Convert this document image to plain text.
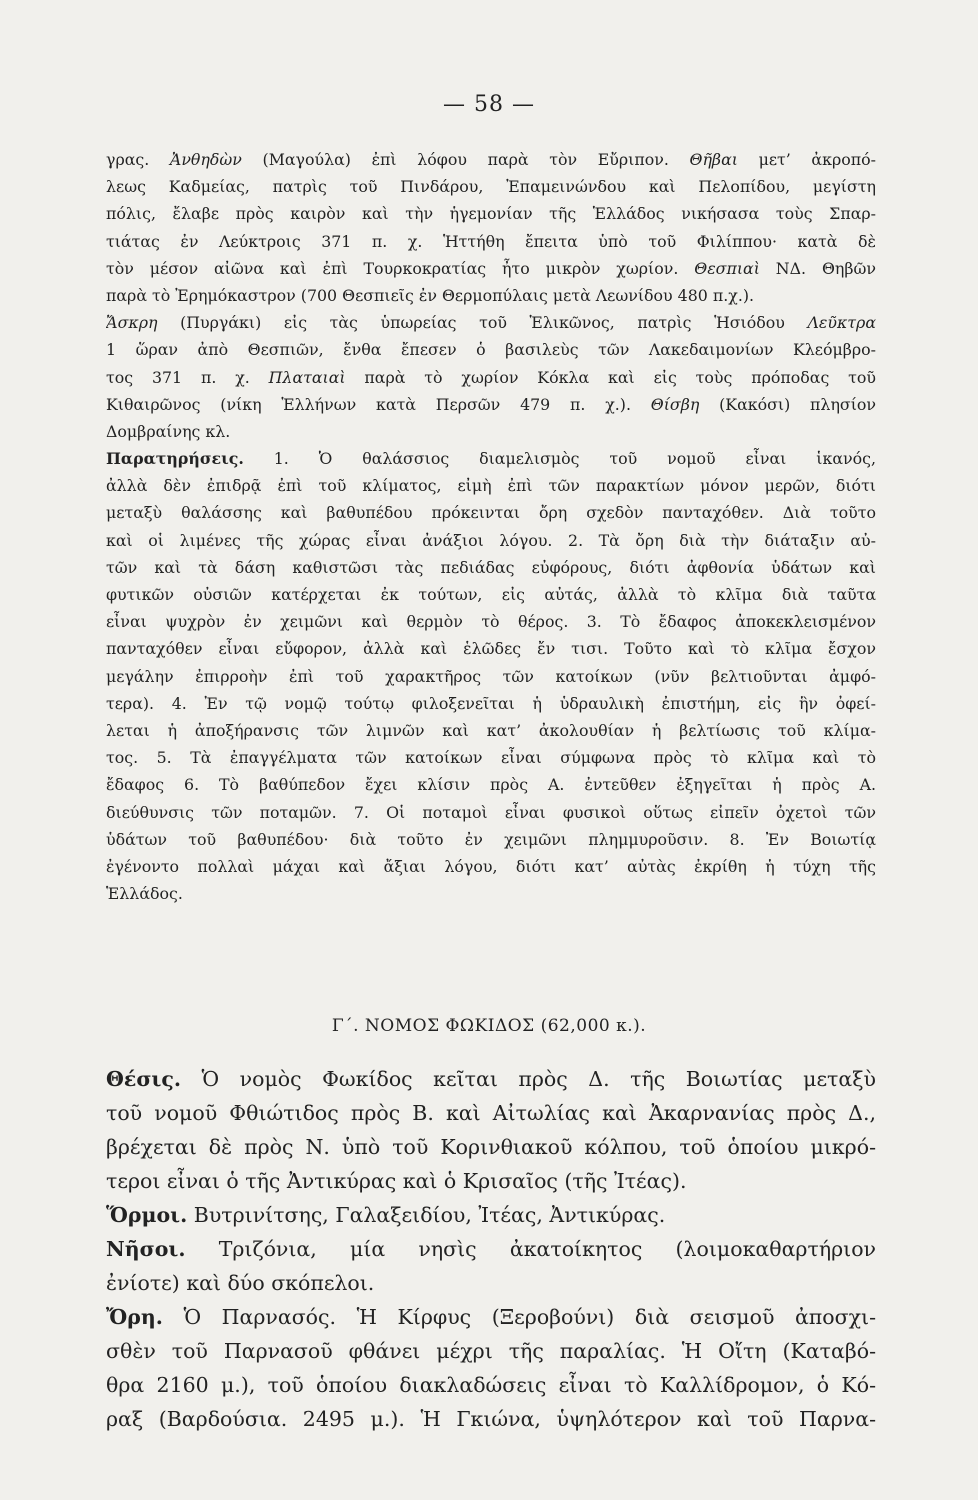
— 58 —
γρας. Ἀνθηδὼν (Μαγούλα) ἐπὶ λόφου παρὰ τὸν Εὔριπον. Θῆβαι μετ’ ἀκροπό-
λεως Καδμείας, πατρὶς τοῦ Πινδάρου, Ἐπαμεινώνδου καὶ Πελοπίδου, μεγίστη
πόλις, ἔλαβε πρὸς καιρὸν καὶ τὴν ἡγεμονίαν τῆς Ἑλλάδος νικήσασα τοὺς Σπαρ-
τιάτας ἐν Λεύκτροις 371 π. χ. Ἡττήθη ἔπειτα ὑπὸ τοῦ Φιλίππου· κατὰ δὲ
τὸν μέσον αἰῶνα καὶ ἐπὶ Τουρκοκρατίας ἦτο μικρὸν χωρίον. Θεσπιαὶ ΝΔ. Θηβῶν
παρὰ τὸ Ἐρημόκαστρον (700 Θεσπιεῖς ἐν Θερμοπύλαις μετὰ Λεωνίδου 480 π.χ.).
Ἄσκρη (Πυργάκι) εἰς τὰς ὑπωρείας τοῦ Ἑλικῶνος, πατρὶς Ἡσιόδου Λεῦκτρα
1 ὥραν ἀπὸ Θεσπιῶν, ἔνθα ἔπεσεν ὁ βασιλεὺς τῶν Λακεδαιμονίων Κλεόμβρο-
τος 371 π. χ. Πλαταιαὶ παρὰ τὸ χωρίον Κόκλα καὶ εἰς τοὺς πρόποδας τοῦ
Κιθαιρῶνος (νίκη Ἑλλήνων κατὰ Περσῶν 479 π. χ.). Θίσβη (Κακόσι) πλησίον
Δομβραίνης κλ.
Παρατηρήσεις. 1. Ὁ θαλάσσιος διαμελισμὸς τοῦ νομοῦ εἶναι ἱκανός,
ἀλλὰ δὲν ἐπιδρᾷ ἐπὶ τοῦ κλίματος, εἰμὴ ἐπὶ τῶν παρακτίων μόνον μερῶν, διότι
μεταξὺ θαλάσσης καὶ βαθυπέδου πρόκεινται ὄρη σχεδὸν πανταχόθεν. Διὰ τοῦτο
καὶ οἱ λιμένες τῆς χώρας εἶναι ἀνάξιοι λόγου. 2. Τὰ ὄρη διὰ τὴν διάταξιν αὐ-
τῶν καὶ τὰ δάση καθιστῶσι τὰς πεδιάδας εὐφόρους, διότι ἀφθονία ὑδάτων καὶ
φυτικῶν οὐσιῶν κατέρχεται ἐκ τούτων, εἰς αὐτάς, ἀλλὰ τὸ κλῖμα διὰ ταῦτα
εἶναι ψυχρὸν ἐν χειμῶνι καὶ θερμὸν τὸ θέρος. 3. Τὸ ἔδαφος ἀποκεκλεισμένον
πανταχόθεν εἶναι εὔφορον, ἀλλὰ καὶ ἑλῶδες ἔν τισι. Τοῦτο καὶ τὸ κλῖμα ἔσχον
μεγάλην ἐπιρροὴν ἐπὶ τοῦ χαρακτῆρος τῶν κατοίκων (νῦν βελτιοῦνται ἀμφό-
τερα). 4. Ἐν τῷ νομῷ τούτῳ φιλοξενεῖται ἡ ὑδραυλικὴ ἐπιστήμη, εἰς ἣν ὀφεί-
λεται ἡ ἀποξήρανσις τῶν λιμνῶν καὶ κατ’ ἀκολουθίαν ἡ βελτίωσις τοῦ κλίμα-
τος. 5. Τὰ ἐπαγγέλματα τῶν κατοίκων εἶναι σύμφωνα πρὸς τὸ κλῖμα καὶ τὸ
ἔδαφος 6. Τὸ βαθύπεδον ἔχει κλίσιν πρὸς Α. ἐντεῦθεν ἐξηγεῖται ἡ πρὸς Α.
διεύθυνσις τῶν ποταμῶν. 7. Οἱ ποταμοὶ εἶναι φυσικοὶ οὕτως εἰπεῖν ὀχετοὶ τῶν
ὑδάτων τοῦ βαθυπέδου· διὰ τοῦτο ἐν χειμῶνι πλημμυροῦσιν. 8. Ἐν Βοιωτίᾳ
ἐγένοντο πολλαὶ μάχαι καὶ ἄξιαι λόγου, διότι κατ’ αὐτὰς ἐκρίθη ἡ τύχη τῆς
Ἑλλάδος.
Γ΄. ΝΟΜΟΣ ΦΩΚΙΔΟΣ (62,000 κ.).
Θέσις. Ὁ νομὸς Φωκίδος κεῖται πρὸς Δ. τῆς Βοιωτίας μεταξὺ
τοῦ νομοῦ Φθιώτιδος πρὸς Β. καὶ Αἰτωλίας καὶ Ἀκαρνανίας πρὸς Δ.,
βρέχεται δὲ πρὸς Ν. ὑπὸ τοῦ Κορινθιακοῦ κόλπου, τοῦ ὁποίου μικρό-
τεροι εἶναι ὁ τῆς Ἀντικύρας καὶ ὁ Κρισαῖος (τῆς Ἰτέας).
Ὅρμοι. Βυτρινίτσης, Γαλαξειδίου, Ἰτέας, Ἀντικύρας.
Νῆσοι. Τριζόνια, μία νησὶς ἀκατοίκητος (λοιμοκαθαρτήριον
ἐνίοτε) καὶ δύο σκόπελοι.
Ὄρη. Ὁ Παρνασός. Ἡ Κίρφυς (Ξεροβούνι) διὰ σεισμοῦ ἀποσχι-
σθὲν τοῦ Παρνασοῦ φθάνει μέχρι τῆς παραλίας. Ἡ Οἴτη (Καταβό-
θρα 2160 μ.), τοῦ ὁποίου διακλαδώσεις εἶναι τὸ Καλλίδρομον, ὁ Κό-
ραξ (Βαρδούσια. 2495 μ.). Ἡ Γκιώνα, ὑψηλότερον καὶ τοῦ Παρνα-
